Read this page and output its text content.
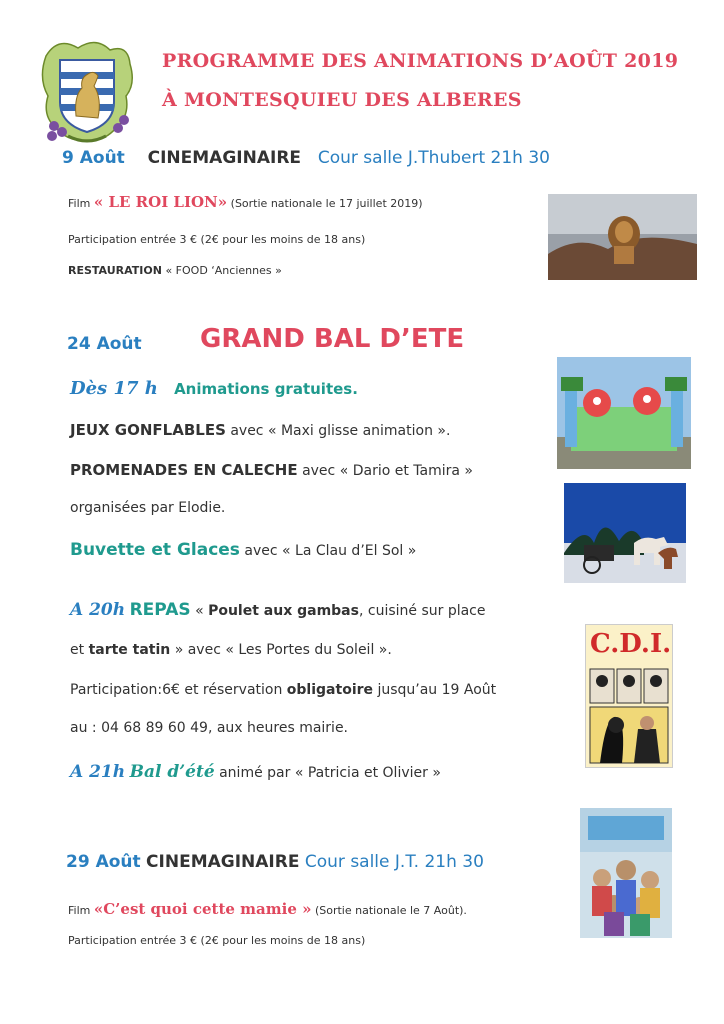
PROGRAMME DES ANIMATIONS D’AOÛT 2019
À MONTESQUIEU DES ALBERES
9 Août CINEMAGINAIRE Cour salle J.Thubert 21h 30
Film « LE ROI LION» (Sortie nationale le 17 juillet 2019)
Participation entrée 3 € (2€ pour les moins de 18 ans)
RESTAURATION « FOOD ‘Anciennes »
24 Août GRAND BAL D’ETE
Dès 17 h Animations gratuites.
JEUX GONFLABLES avec « Maxi glisse animation ».
PROMENADES EN CALECHE avec « Dario et Tamira »
organisées par Elodie.
Buvette et Glaces avec « La Clau d’El Sol »
A 20h REPAS « Poulet aux gambas, cuisiné sur place
et tarte tatin » avec « Les Portes du Soleil ».
Participation:6€ et réservation obligatoire jusqu’au 19 Août
au : 04 68 89 60 49, aux heures mairie.
A 21h Bal d’été animé par « Patricia et Olivier »
C.D.I.
29 Août CINEMAGINAIRE Cour salle J.T. 21h 30
Film «C’est quoi cette mamie » (Sortie nationale le 7 Août).
Participation entrée 3 € (2€ pour les moins de 18 ans)
